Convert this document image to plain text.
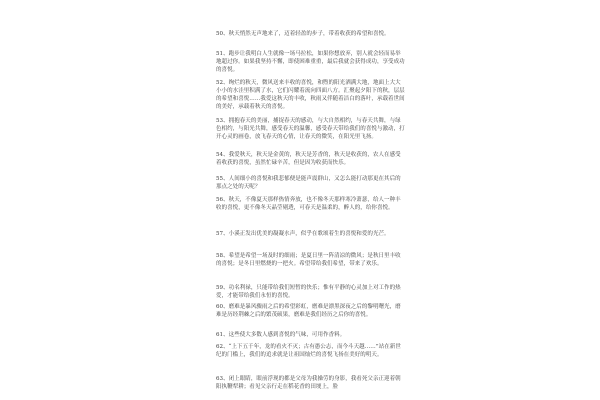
50、秋天悄然无声地来了，迈着轻盈的步子，带着收获的希望和喜悦。
51、跑步让我明白人生就像一场马拉松，如果你想放弃，别人就会轻而易举地超过你。如果我坚持不懈，即使困难重重，最后我就会获得成功，享受成功的喜悦。
52、绚烂的秋天，微风送来丰收的喜悦，和煦的阳光洒满大地，地面上大大小小的水洼里积满了水，它们闪耀着流向四面八方。汇聚起夕阳下的秋，层层的希望和喜悦……我爱这秋天的丰收，秋雨又伴随着洁白的落叶，承载着世间的美好，承载着秋天的喜悦。
53、拥抱春天的美丽，捕捉春天的感动，与大自然相约，与春天共舞，与绿色相约，与阳光共舞，感受春天的温馨，感受春天带给我们的喜悦与激动，打开心灵的画卷，放飞春天的心情，让春天的微笑，在阳光里飞扬。
54、我爱秋天，秋天是金黄的，秋天是芳香的，秋天是收获的，农人在感受着收获的喜悦，虽然忙碌辛苦，但是因为收获而快乐。
55、人间细小的喜悦和我悲郁便是能声震群山，又怎么能打动那更在其后的那点之处的天呢？
56、秋天，不像夏天那样热情奔放，也不像冬天那样寒冷萧瑟，给人一种丰收的喜悦，更不像冬天晶莹剔透，可春天是温柔的，醉人的，给你喜悦。
57、小溪正发出优美的凝凝水声，似乎在歌颂着生的喜悦和爱的光芒。
58、希望是希望一场及时的细雨；是夏日里一阵清凉的微风；是秋日里丰收的喜悦；是冬日里燃烧的一把火。希望带给我们希望，带来了欢乐。
59、功名利禄，只能带给我们短暂的快乐；惟有平静的心灵加上对工作的热爱，才能带给我们永恒的喜悦。
60、磨难是暴风骤雨之后的希望彩虹，磨难是漂黑深夜之后的黎明曙光，磨难是历经荆棘之后的繁茂硕果，磨难是我们经历之后你的喜悦。
61、这些使大多数人感到喜悦的气味，可用作香料。
62、“上下五千年，龙的看火不灭；古有愚公志，而今斗天越……”站在新世纪的门槛上，我们的追求就是让祖国灿烂的喜悦飞扬在美好的明天。
63、闭上眼睛，眼前浮现的都是父母为我操劳的身影，我看死父亲正迎着朝阳执鞭犁耕；看见父亲行走在稻花香的田埂上，脸
